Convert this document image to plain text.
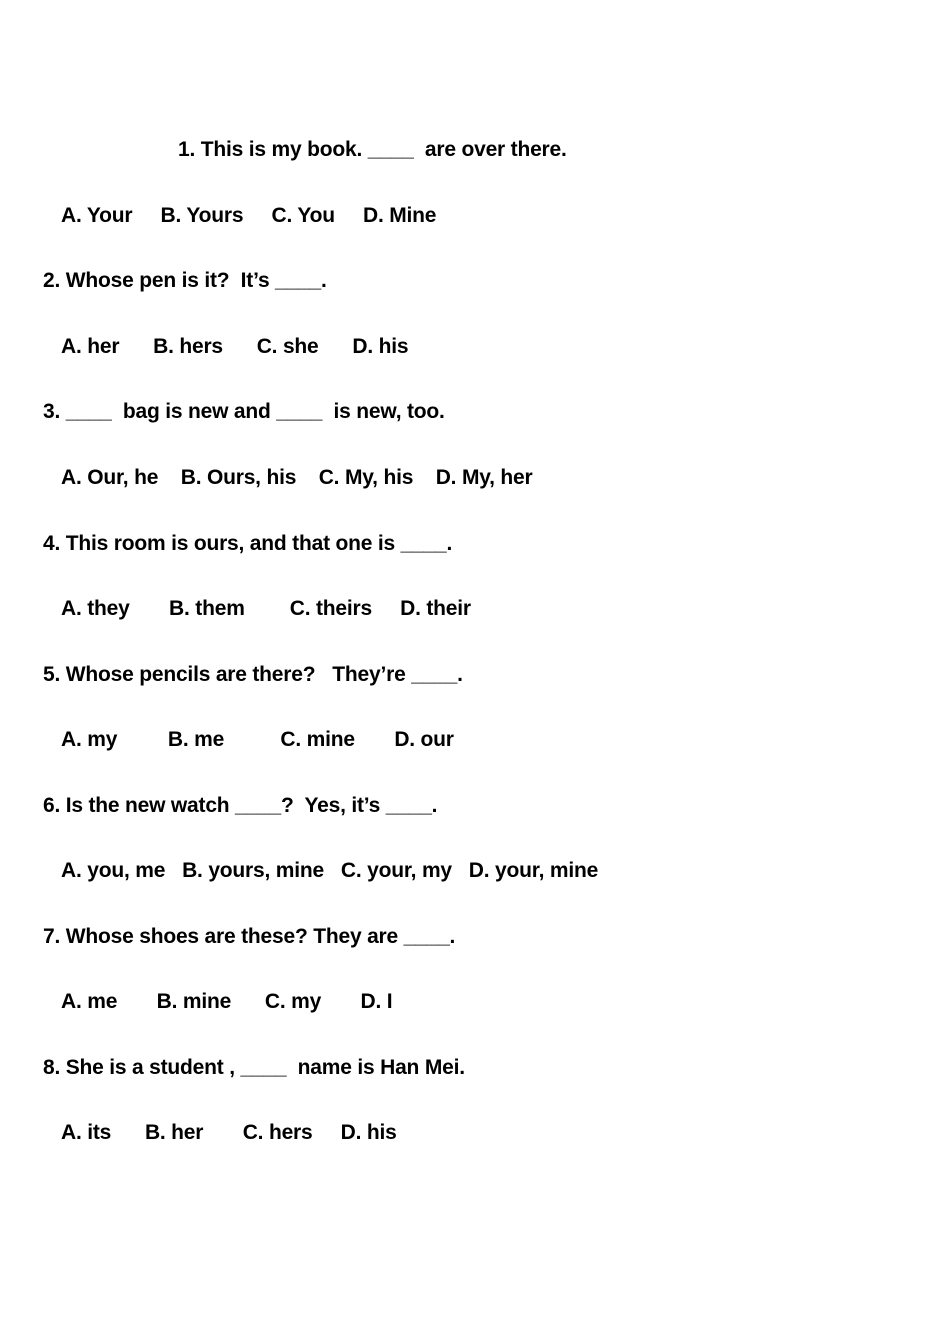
1. This is my book. ____  are over there.
A. Your     B. Yours     C. You     D. Mine
2. Whose pen is it?  It’s ____.
A. her      B. hers      C. she      D. his
3. ____  bag is new and ____  is new, too.
A. Our, he    B. Ours, his    C. My, his    D. My, her
4. This room is ours, and that one is ____.
A. they       B. them        C. theirs     D. their
5. Whose pencils are there?   They’re ____.
A. my         B. me          C. mine       D. our
6. Is the new watch ____?  Yes, it’s ____.
A. you, me   B. yours, mine   C. your, my   D. your, mine
7. Whose shoes are these? They are ____.
A. me       B. mine      C. my       D. I
8. She is a student , ____  name is Han Mei.
A. its      B. her       C. hers     D. his
